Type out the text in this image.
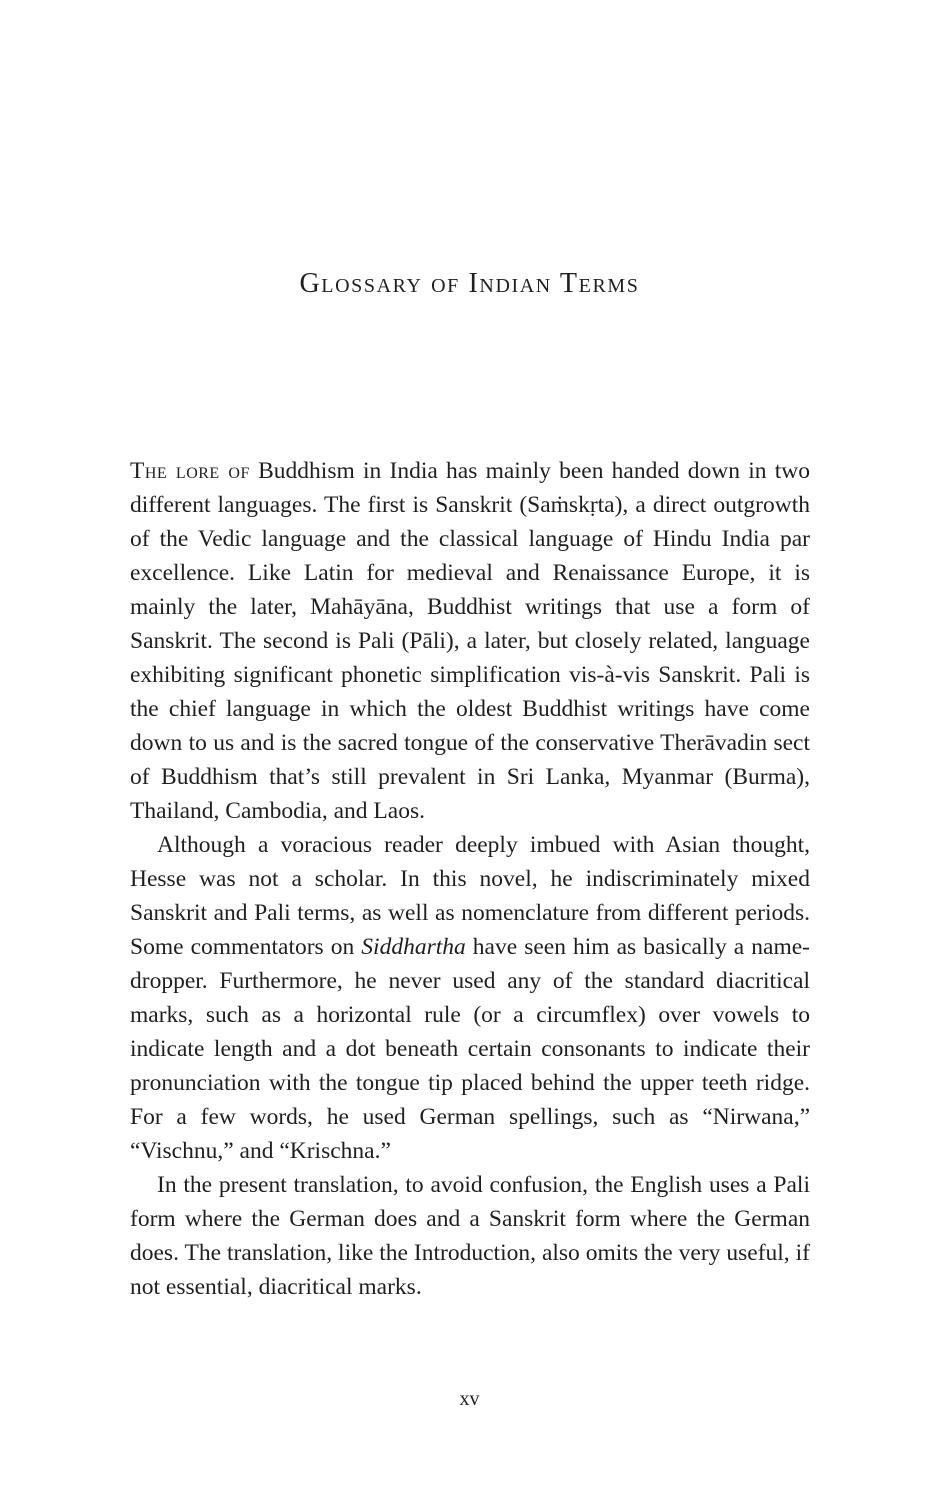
Glossary of Indian Terms

The lore of Buddhism in India has mainly been handed down in two different languages. The first is Sanskrit (Saṁskṛta), a direct outgrowth of the Vedic language and the classical language of Hindu India par excellence. Like Latin for medieval and Renaissance Europe, it is mainly the later, Mahāyāna, Buddhist writings that use a form of Sanskrit. The second is Pali (Pāli), a later, but closely related, language exhibiting significant phonetic simplification vis-à-vis Sanskrit. Pali is the chief language in which the oldest Buddhist writings have come down to us and is the sacred tongue of the conservative Therāvadin sect of Buddhism that’s still prevalent in Sri Lanka, Myanmar (Burma), Thailand, Cambodia, and Laos.

Although a voracious reader deeply imbued with Asian thought, Hesse was not a scholar. In this novel, he indiscriminately mixed Sanskrit and Pali terms, as well as nomenclature from different periods. Some commentators on Siddhartha have seen him as basically a name-dropper. Furthermore, he never used any of the standard diacritical marks, such as a horizontal rule (or a circumflex) over vowels to indicate length and a dot beneath certain consonants to indicate their pronunciation with the tongue tip placed behind the upper teeth ridge. For a few words, he used German spellings, such as “Nirwana,” “Vischnu,” and “Krischna.”

In the present translation, to avoid confusion, the English uses a Pali form where the German does and a Sanskrit form where the German does. The translation, like the Introduction, also omits the very useful, if not essential, diacritical marks.

xv
